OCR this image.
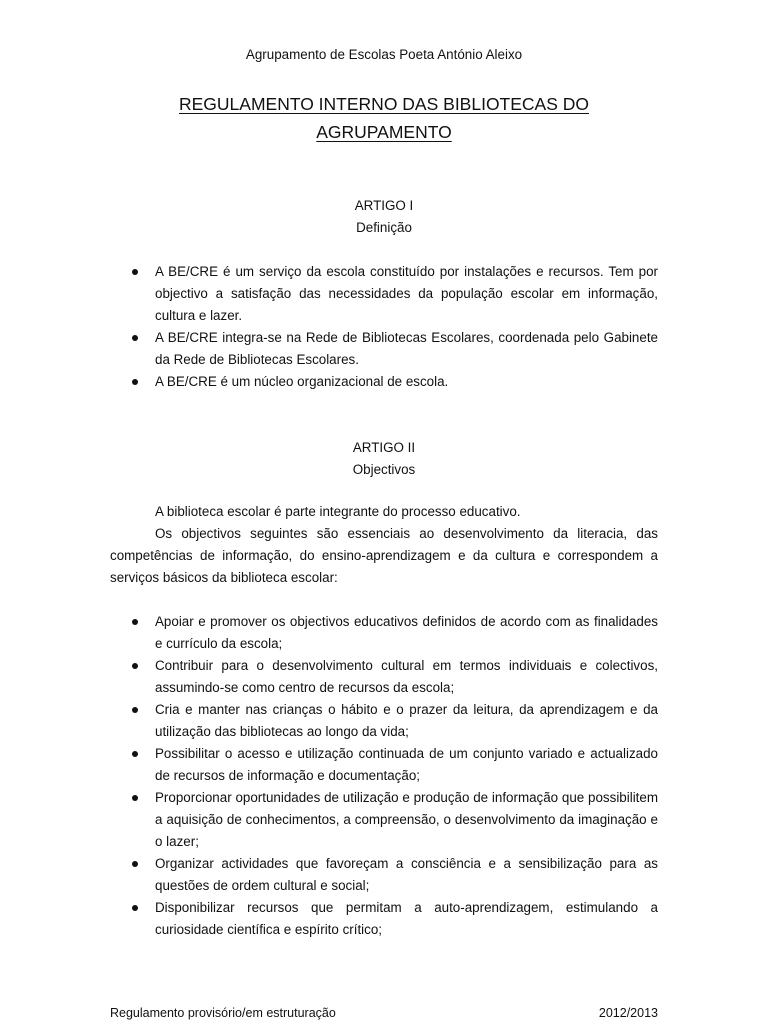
Agrupamento de Escolas Poeta António Aleixo
REGULAMENTO INTERNO DAS BIBLIOTECAS DO
AGRUPAMENTO
ARTIGO I
Definição
A BE/CRE é um serviço da escola constituído por instalações e recursos. Tem por objectivo a satisfação das necessidades da população escolar em informação, cultura e lazer.
A BE/CRE integra-se na Rede de Bibliotecas Escolares, coordenada pelo Gabinete da Rede de Bibliotecas Escolares.
A BE/CRE é um núcleo organizacional de escola.
ARTIGO II
Objectivos

A biblioteca escolar é parte integrante do processo educativo.

Os objectivos seguintes são essenciais ao desenvolvimento da literacia, das competências de informação, do ensino-aprendizagem e da cultura e correspondem a serviços básicos da biblioteca escolar:

Apoiar e promover os objectivos educativos definidos de acordo com as finalidades e currículo da escola;
Contribuir para o desenvolvimento cultural em termos individuais e colectivos, assumindo-se como centro de recursos da escola;
Cria e manter nas crianças o hábito e o prazer da leitura, da aprendizagem e da utilização das bibliotecas ao longo da vida;
Possibilitar o acesso e utilização continuada de um conjunto variado e actualizado de recursos de informação e documentação;
Proporcionar oportunidades de utilização e produção de informação que possibilitem a aquisição de conhecimentos, a compreensão, o desenvolvimento da imaginação e o lazer;
Organizar actividades que favoreçam a consciência e a sensibilização para as questões de ordem cultural e social;
Disponibilizar recursos que permitam a auto-aprendizagem, estimulando a curiosidade científica e espírito crítico;
Regulamento provisório/em estruturação	2012/2013
